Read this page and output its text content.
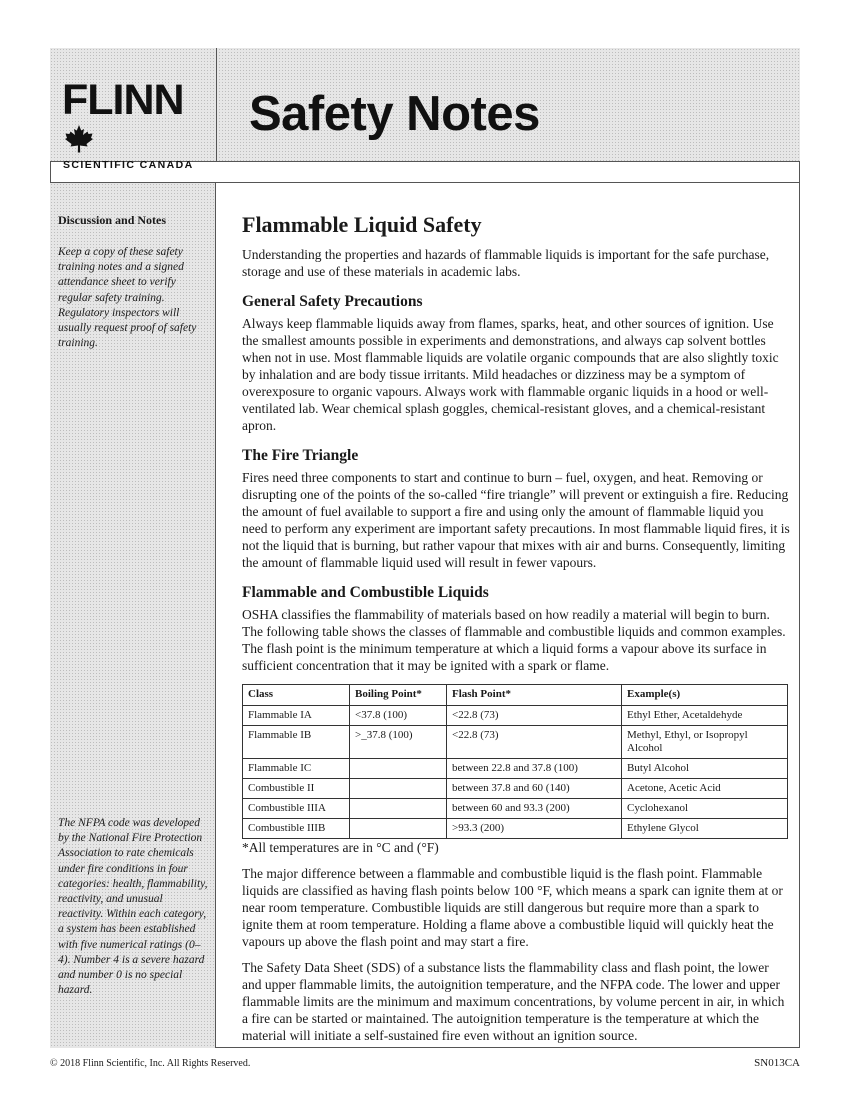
FLINN
SCIENTIFIC CANADA
Safety Notes
Discussion and Notes

Keep a copy of these safety training notes and a signed attendance sheet to verify regular safety training. Regulatory inspectors will usually request proof of safety training.

The NFPA code was developed by the National Fire Protection Association to rate chemicals under fire conditions in four categories: health, flammability, reactivity, and unusual reactivity. Within each category, a system has been established with five numerical ratings (0–4). Number 4 is a severe hazard and number 0 is no special hazard.

Flammable Liquid Safety

Understanding the properties and hazards of flammable liquids is important for the safe purchase, storage and use of these materials in academic labs.

General Safety Precautions

Always keep flammable liquids away from flames, sparks, heat, and other sources of ignition. Use the smallest amounts possible in experiments and demonstrations, and always cap solvent bottles when not in use. Most flammable liquids are volatile organic compounds that are also slightly toxic by inhalation and are body tissue irritants. Mild headaches or dizziness may be a symptom of overexposure to organic vapours. Always work with flammable organic liquids in a hood or well-ventilated lab. Wear chemical splash goggles, chemical-resistant gloves, and a chemical-resistant apron.

The Fire Triangle

Fires need three components to start and continue to burn – fuel, oxygen, and heat. Removing or disrupting one of the points of the so-called “fire triangle” will prevent or extinguish a fire. Reducing the amount of fuel available to support a fire and using only the amount of flammable liquid you need to perform any experiment are important safety precautions. In most flammable liquid fires, it is not the liquid that is burning, but rather vapour that mixes with air and burns. Consequently, limiting the amount of flammable liquid used will result in fewer vapours.

Flammable and Combustible Liquids

OSHA classifies the flammability of materials based on how readily a material will begin to burn. The following table shows the classes of flammable and combustible liquids and common examples. The flash point is the minimum temperature at which a liquid forms a vapour above its surface in sufficient concentration that it may be ignited with a spark or flame.

Class	Boiling Point*	Flash Point*	Example(s)
Flammable IA	<37.8 (100)	<22.8 (73)	Ethyl Ether, Acetaldehyde
Flammable IB	>_37.8 (100)	<22.8 (73)	Methyl, Ethyl, or Isopropyl Alcohol
Flammable IC		between 22.8 and 37.8 (100)	Butyl Alcohol
Combustible II		between 37.8 and 60 (140)	Acetone, Acetic Acid
Combustible IIIA		between 60 and 93.3 (200)	Cyclohexanol
Combustible IIIB		>93.3 (200)	Ethylene Glycol

*All temperatures are in °C and (°F)

The major difference between a flammable and combustible liquid is the flash point. Flammable liquids are classified as having flash points below 100 °F, which means a spark can ignite them at or near room temperature. Combustible liquids are still dangerous but require more than a spark to ignite them at room temperature. Holding a flame above a combustible liquid will quickly heat the vapours up above the flash point and may start a fire.

The Safety Data Sheet (SDS) of a substance lists the flammability class and flash point, the lower and upper flammable limits, the autoignition temperature, and the NFPA code. The lower and upper flammable limits are the minimum and maximum concentrations, by volume percent in air, in which a fire can be started or maintained. The autoignition temperature is the temperature at which the material will initiate a self-sustained fire even without an ignition source.

© 2018 Flinn Scientific, Inc. All Rights Reserved.	SN013CA
